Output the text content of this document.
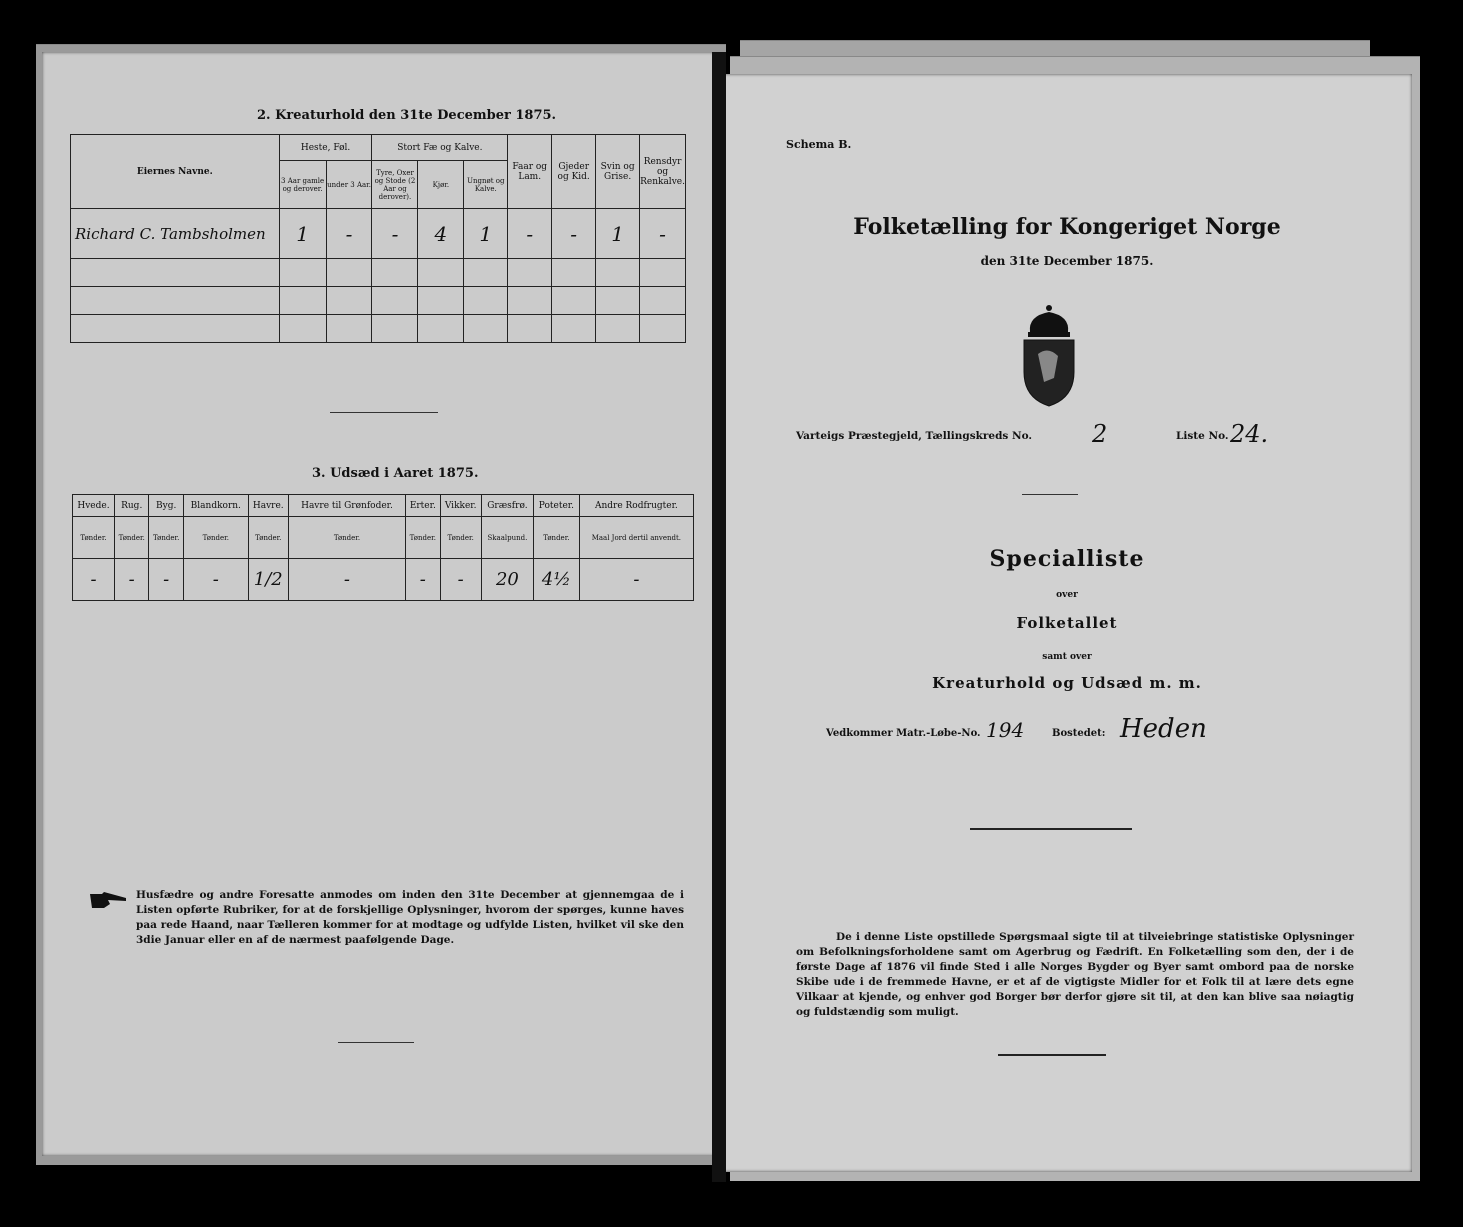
2. Kreaturhold den 31te December 1875.
Eiernes Navne.	Heste, Føl.		Stort Fæ og Kalve.			Faar og Lam.	Gjeder og Kid.	Svin og Grise.	Rensdyr og Renkalve.
	3 Aar gamle og derover.	under 3 Aar.	Tyre, Oxer og Stode (2 Aar og derover).	Kjør.	Ungnøt og Kalve.				
Richard C. Tambsholmen	1	-	-	4	1	-	-	1	-

3. Udsæd i Aaret 1875.
Hvede.	Rug.	Byg.	Blandkorn.	Havre.	Havre til Grønfoder.	Erter.	Vikker.	Græsfrø.	Poteter.	Andre Rodfrugter.
Tønder.	Tønder.	Tønder.	Tønder.	Tønder.	Tønder.	Tønder.	Tønder.	Skaalpund.	Tønder.	Maal Jord dertil anvendt.
-	-	-	-	1/2	-	-	-	20	4½	-
Husfædre og andre Foresatte anmodes om inden den 31te December at gjennemgaa de i Listen opførte Rubriker, for at de forskjellige Oplysninger, hvorom der spørges, kunne haves paa rede Haand, naar Tælleren kommer for at modtage og udfylde Listen, hvilket vil ske den 3die Januar eller en af de nærmest paafølgende Dage.
Schema B.
Folketælling for Kongeriget Norge
den 31te December 1875.
Varteigs Præstegjeld, Tællingskreds No. 2	Liste No. 24.
Specialliste
over
Folketallet
samt over
Kreaturhold og Udsæd m. m.
Vedkommer Matr.-Løbe-No. 194	Bostedet: Heden
De i denne Liste opstillede Spørgsmaal sigte til at tilveiebringe statistiske Oplysninger om Befolkningsforholdene samt om Agerbrug og Fædrift. En Folketælling som den, der i de første Dage af 1876 vil finde Sted i alle Norges Bygder og Byer samt ombord paa de norske Skibe ude i de fremmede Havne, er et af de vigtigste Midler for et Folk til at lære dets egne Vilkaar at kjende, og enhver god Borger bør derfor gjøre sit til, at den kan blive saa nøiagtig og fuldstændig som muligt.
